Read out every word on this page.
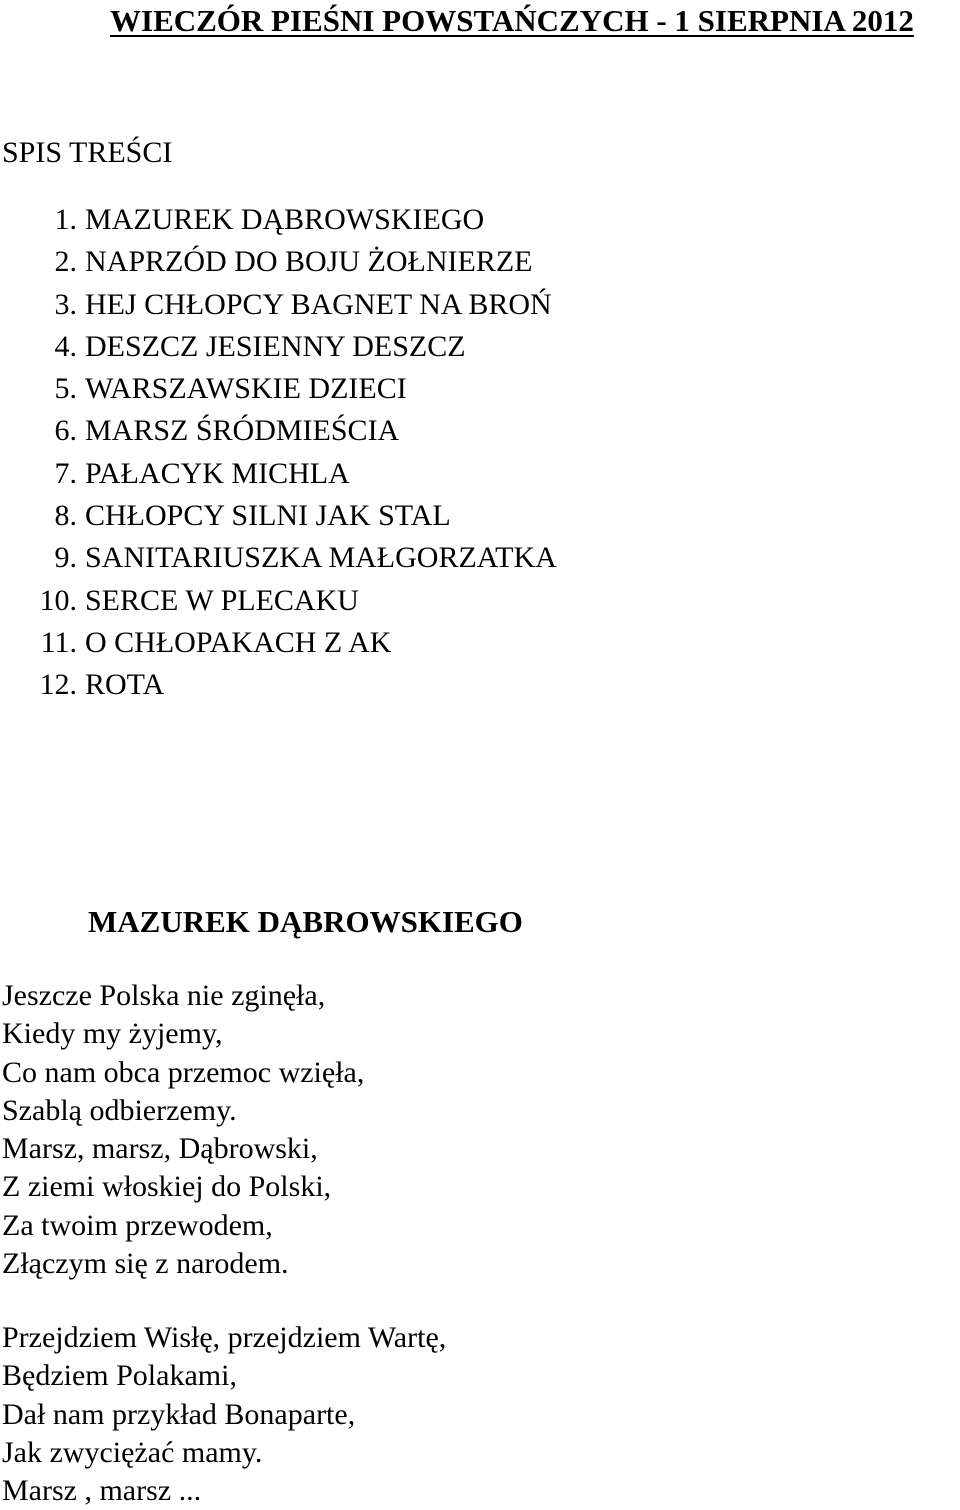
WIECZÓR PIEŚNI POWSTAŃCZYCH - 1 SIERPNIA 2012
SPIS TREŚCI
1. MAZUREK DĄBROWSKIEGO
2. NAPRZÓD DO BOJU ŻOŁNIERZE
3. HEJ CHŁOPCY BAGNET NA BROŃ
4. DESZCZ JESIENNY DESZCZ
5. WARSZAWSKIE DZIECI
6. MARSZ ŚRÓDMIEŚCIA
7. PAŁACYK MICHLA
8. CHŁOPCY SILNI JAK STAL
9. SANITARIUSZKA MAŁGORZATKA
10. SERCE W PLECAKU
11. O CHŁOPAKACH Z AK
12. ROTA
MAZUREK DĄBROWSKIEGO
Jeszcze Polska nie zginęła,
Kiedy my żyjemy,
Co nam obca przemoc wzięła,
Szablą odbierzemy.
Marsz, marsz, Dąbrowski,
Z ziemi włoskiej do Polski,
Za twoim przewodem,
Złączym się z narodem.
Przejdziem Wisłę, przejdziem Wartę,
Będziem Polakami,
Dał nam przykład Bonaparte,
Jak zwyciężać mamy.
Marsz , marsz ...
